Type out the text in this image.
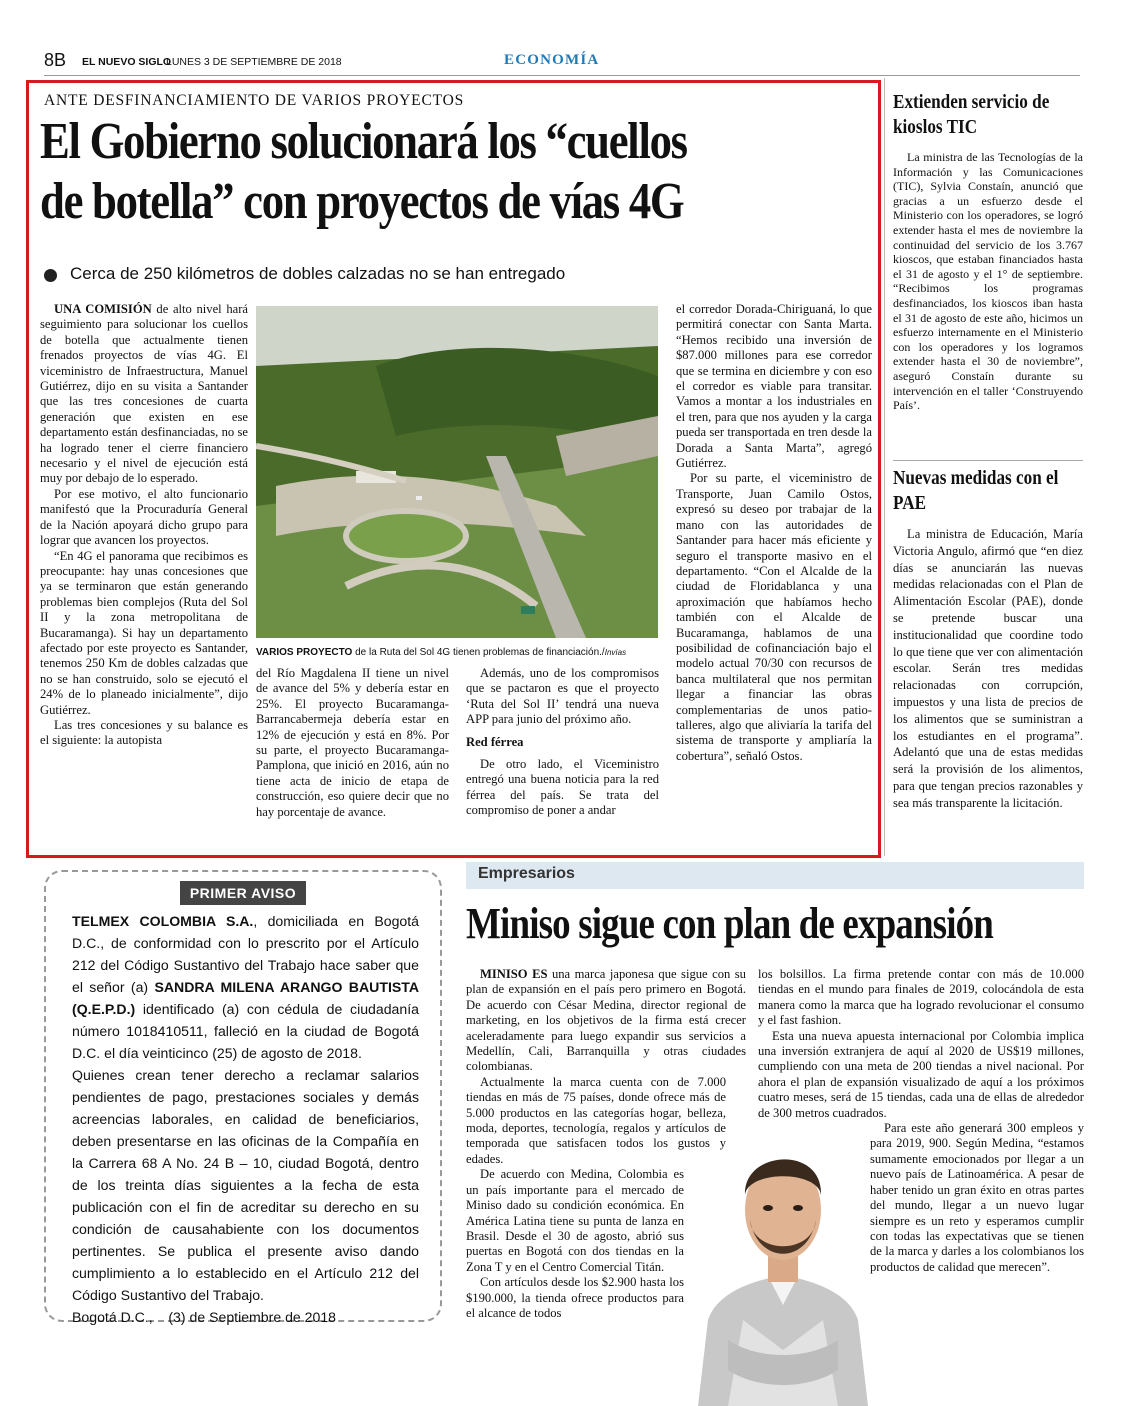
8B EL NUEVO SIGLO
LUNES 3 DE SEPTIEMBRE DE 2018	ECONOMÍA
ANTE DESFINANCIAMIENTO DE VARIOS PROYECTOS
El Gobierno solucionará los “cuellos
de botella” con proyectos de vías 4G
Cerca de 250 kilómetros de dobles calzadas no se han entregado

UNA COMISIÓN de alto nivel hará seguimiento para solucionar los cuellos de botella que actualmente tienen frenados proyectos de vías 4G. El viceministro de Infraestructura, Manuel Gutiérrez, dijo en su visita a Santander que las tres concesiones de cuarta generación que existen en ese departamento están desfinanciadas, no se ha logrado tener el cierre financiero necesario y el nivel de ejecución está muy por debajo de lo esperado.

Por ese motivo, el alto funcionario manifestó que la Procuraduría General de la Nación apoyará dicho grupo para lograr que avancen los proyectos.

“En 4G el panorama que recibimos es preocupante: hay unas concesiones que ya se terminaron que están generando problemas bien complejos (Ruta del Sol II y la zona metropolitana de Bucaramanga). Si hay un departamento afectado por este proyecto es Santander, tenemos 250 Km de dobles calzadas que no se han construido, solo se ejecutó el 24% de lo planeado inicialmente”, dijo Gutiérrez.

Las tres concesiones y su balance es el siguiente: la autopista

VARIOS PROYECTO de la Ruta del Sol 4G tienen problemas de financiación./Invías

del Río Magdalena II tiene un nivel de avance del 5% y debería estar en 25%. El proyecto Bucaramanga-Barrancabermeja debería estar en 12% de ejecución y está en 8%. Por su parte, el proyecto Bucaramanga-Pamplona, que inició en 2016, aún no tiene acta de inicio de etapa de construcción, eso quiere decir que no hay porcentaje de avance.

Además, uno de los compromisos que se pactaron es que el proyecto ‘Ruta del Sol II’ tendrá una nueva APP para junio del próximo año.

Red férrea

De otro lado, el Viceministro entregó una buena noticia para la red férrea del país. Se trata del compromiso de poner a andar

el corredor Dorada-Chiriguaná, lo que permitirá conectar con Santa Marta. “Hemos recibido una inversión de $87.000 millones para ese corredor que se termina en diciembre y con eso el corredor es viable para transitar. Vamos a montar a los industriales en el tren, para que nos ayuden y la carga pueda ser transportada en tren desde la Dorada a Santa Marta”, agregó Gutiérrez.

Por su parte, el viceministro de Transporte, Juan Camilo Ostos, expresó su deseo por trabajar de la mano con las autoridades de Santander para hacer más eficiente y seguro el transporte masivo en el departamento. “Con el Alcalde de la ciudad de Floridablanca y una aproximación que habíamos hecho también con el Alcalde de Bucaramanga, hablamos de una posibilidad de cofinanciación bajo el modelo actual 70/30 con recursos de banca multilateral que nos permitan llegar a financiar las obras complementarias de unos patio- talleres, algo que aliviaría la tarifa del sistema de transporte y ampliaría la cobertura”, señaló Ostos.

Extienden servicio de kioslos TIC

La ministra de las Tecnologías de la Información y las Comunicaciones (TIC), Sylvia Constaín, anunció que gracias a un esfuerzo desde el Ministerio con los operadores, se logró extender hasta el mes de noviembre la continuidad del servicio de los 3.767 kioscos, que estaban financiados hasta el 31 de agosto y el 1° de septiembre. “Recibimos los programas desfinanciados, los kioscos iban hasta el 31 de agosto de este año, hicimos un esfuerzo internamente en el Ministerio con los operadores y los logramos extender hasta el 30 de noviembre”, aseguró Constaín durante su intervención en el taller ‘Construyendo País’.

Nuevas medidas con el PAE

La ministra de Educación, María Victoria Angulo, afirmó que “en diez días se anunciarán las nuevas medidas relacionadas con el Plan de Alimentación Escolar (PAE), donde se pretende buscar una institucionalidad que coordine todo lo que tiene que ver con alimentación escolar. Serán tres medidas relacionadas con corrupción, impuestos y una lista de precios de los alimentos que se suministran a los estudiantes en el programa”. Adelantó que una de estas medidas será la provisión de los alimentos, para que tengan precios razonables y sea más transparente la licitación.

PRIMER AVISO

TELMEX COLOMBIA S.A., domiciliada en Bogotá D.C., de conformidad con lo prescrito por el Artículo 212 del Código Sustantivo del Trabajo hace saber que el señor (a) SANDRA MILENA ARANGO BAUTISTA (Q.E.P.D.) identificado (a) con cédula de ciudadanía número 1018410511, falleció en la ciudad de Bogotá D.C. el día veinticinco (25) de agosto de 2018.

Quienes crean tener derecho a reclamar salarios pendientes de pago, prestaciones sociales y demás acreencias laborales, en calidad de beneficiarios, deben presentarse en las oficinas de la Compañía en la Carrera 68 A No. 24 B – 10, ciudad Bogotá, dentro de los treinta días siguientes a la fecha de esta publicación con el fin de acreditar su derecho en su condición de causahabiente con los documentos pertinentes. Se publica el presente aviso dando cumplimiento a lo establecido en el Artículo 212 del Código Sustantivo del Trabajo.

Bogotá D.C.,    (3) de Septiembre de 2018

Empresarios
Miniso sigue con plan de expansión

MINISO ES una marca japonesa que sigue con su plan de expansión en el país pero primero en Bogotá. De acuerdo con César Medina, director regional de marketing, en los objetivos de la firma está crecer aceleradamente para luego expandir sus servicios a Medellín, Cali, Barranquilla y otras ciudades colombianas.

Actualmente la marca cuenta con de 7.000 tiendas en más de 75 países, donde ofrece más de 5.000 productos en las categorías hogar, belleza, moda, deportes, tecnología, regalos y artículos de temporada que satisfacen todos los gustos y edades.

De acuerdo con Medina, Colombia es un país importante para el mercado de Miniso dado su condición económica. En América Latina tiene su punta de lanza en Brasil. Desde el 30 de agosto, abrió sus puertas en Bogotá con dos tiendas en la Zona T y en el Centro Comercial Titán.

Con artículos desde los $2.900 hasta los $190.000, la tienda ofrece productos para el alcance de todos

los bolsillos. La firma pretende contar con más de 10.000 tiendas en el mundo para finales de 2019, colocándola de esta manera como la marca que ha logrado revolucionar el consumo y el fast fashion.

Esta una nueva apuesta internacional por Colombia implica una inversión extranjera de aquí al 2020 de US$19 millones, cumpliendo con una meta de 200 tiendas a nivel nacional. Por ahora el plan de expansión visualizado de aquí a los próximos cuatro meses, será de 15 tiendas, cada una de ellas de alrededor de 300 metros cuadrados.

Para este año generará 300 empleos y para 2019, 900. Según Medina, “estamos sumamente emocionados por llegar a un nuevo país de Latinoamérica. A pesar de haber tenido un gran éxito en otras partes del mundo, llegar a un nuevo lugar siempre es un reto y esperamos cumplir con todas las expectativas que se tienen de la marca y darles a los colombianos los productos de calidad que merecen”.
